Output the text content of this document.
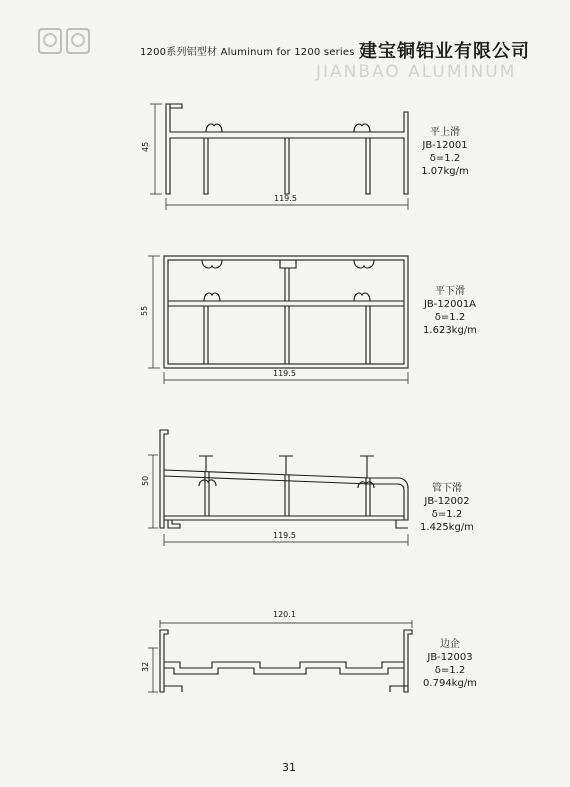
1200系列铝型材 Aluminum for 1200 series 建宝铜铝业有限公司
JIANBAO ALUMINUM
45
119.5
55
119.5
50
119.5
120.1
32
平上滑
JB-12001
δ=1.2
1.07kg/m
平下滑
JB-12001A
δ=1.2
1.623kg/m
管下滑
JB-12002
δ=1.2
1.425kg/m
边企
JB-12003
δ=1.2
0.794kg/m
31
